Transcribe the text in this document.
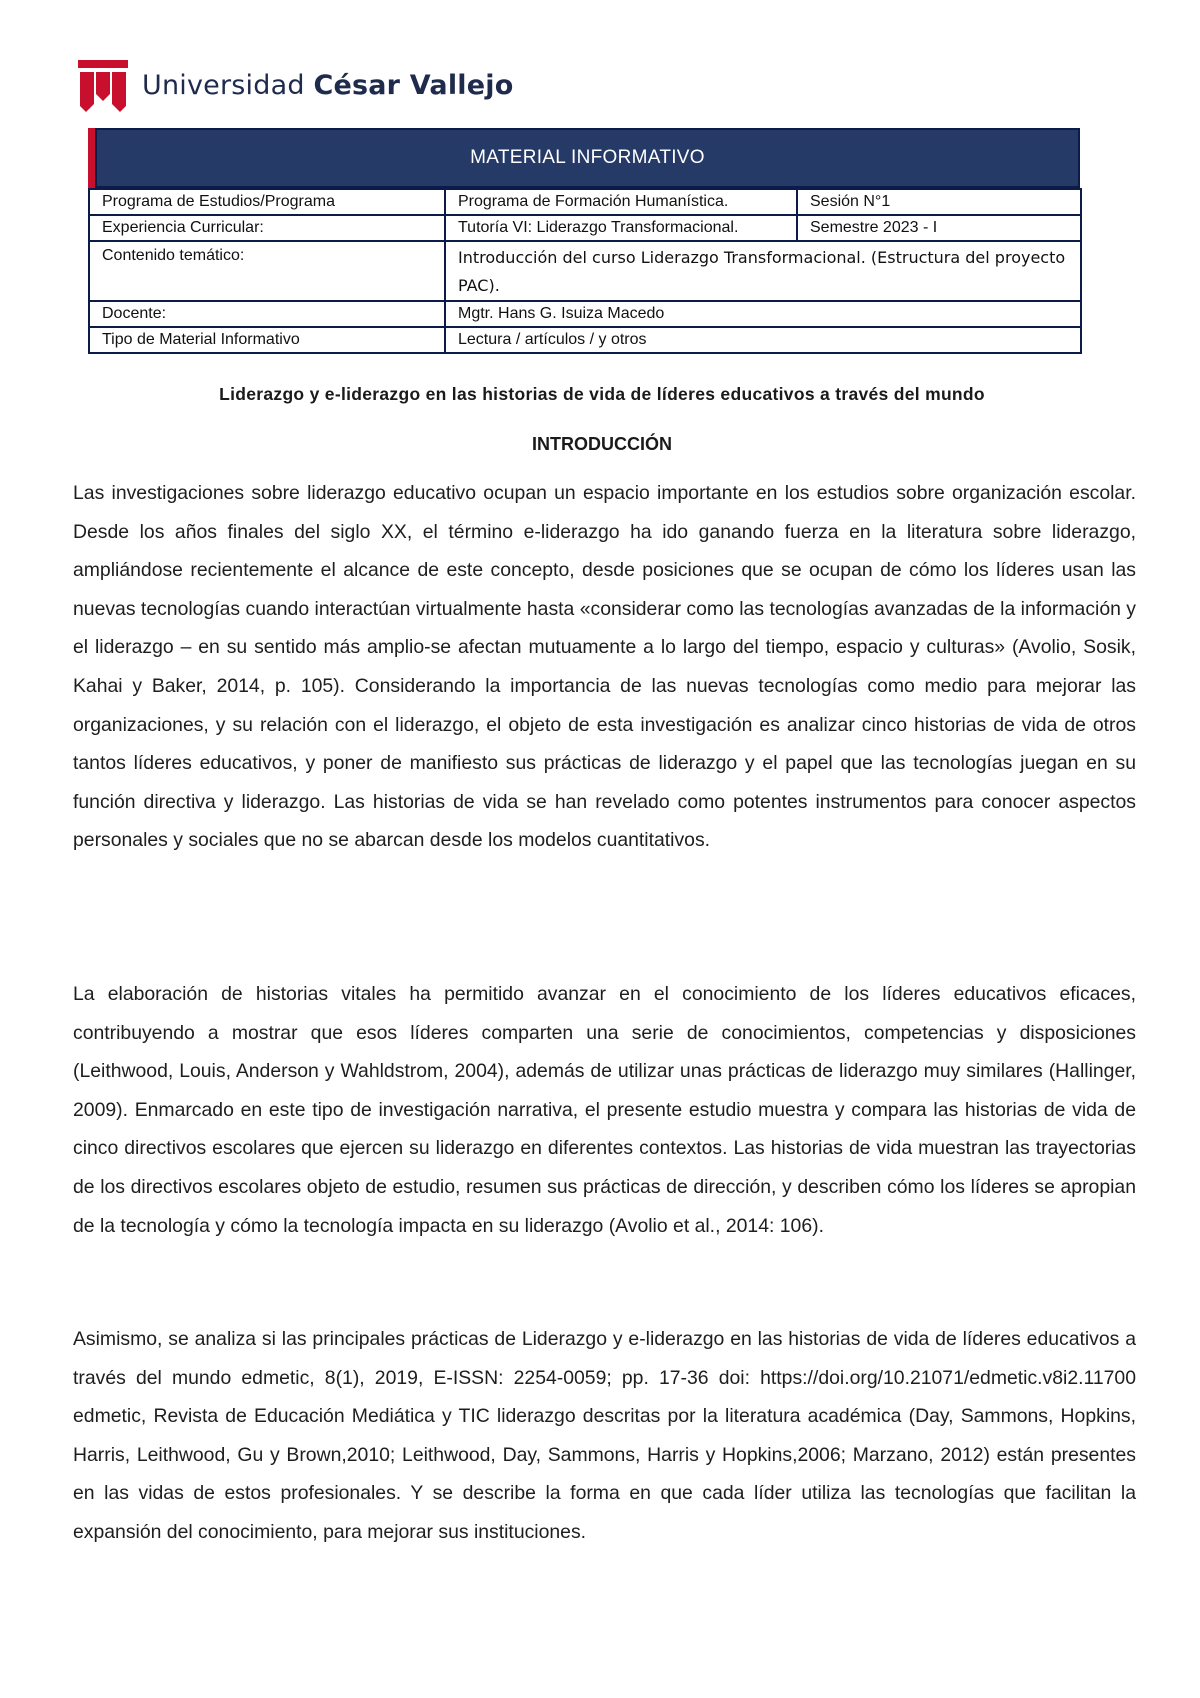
Universidad César Vallejo
MATERIAL INFORMATIVO
Programa de Estudios/Programa	Programa de Formación Humanística.	Sesión N°1
Experiencia Curricular:	Tutoría VI: Liderazgo Transformacional.	Semestre 2023 - I
Contenido temático:	Introducción del curso Liderazgo Transformacional. (Estructura del proyecto PAC).	
Docente:	Mgtr. Hans G. Isuiza Macedo	
Tipo de Material Informativo	Lectura / artículos / y otros	
Liderazgo y e-liderazgo en las historias de vida de líderes educativos a través del mundo
INTRODUCCIÓN

Las investigaciones sobre liderazgo educativo ocupan un espacio importante en los estudios sobre organización escolar. Desde los años finales del siglo XX, el término e-liderazgo ha ido ganando fuerza en la literatura sobre liderazgo, ampliándose recientemente el alcance de este concepto, desde posiciones que se ocupan de cómo los líderes usan las nuevas tecnologías cuando interactúan virtualmente hasta «considerar como las tecnologías avanzadas de la información y el liderazgo – en su sentido más amplio-se afectan mutuamente a lo largo del tiempo, espacio y culturas» (Avolio, Sosik, Kahai y Baker, 2014, p. 105). Considerando la importancia de las nuevas tecnologías como medio para mejorar las organizaciones, y su relación con el liderazgo, el objeto de esta investigación es analizar cinco historias de vida de otros tantos líderes educativos, y poner de manifiesto sus prácticas de liderazgo y el papel que las tecnologías juegan en su función directiva y liderazgo. Las historias de vida se han revelado como potentes instrumentos para conocer aspectos personales y sociales que no se abarcan desde los modelos cuantitativos.

La elaboración de historias vitales ha permitido avanzar en el conocimiento de los líderes educativos eficaces, contribuyendo a mostrar que esos líderes comparten una serie de conocimientos, competencias y disposiciones (Leithwood, Louis, Anderson y Wahldstrom, 2004), además de utilizar unas prácticas de liderazgo muy similares (Hallinger, 2009). Enmarcado en este tipo de investigación narrativa, el presente estudio muestra y compara las historias de vida de cinco directivos escolares que ejercen su liderazgo en diferentes contextos. Las historias de vida muestran las trayectorias de los directivos escolares objeto de estudio, resumen sus prácticas de dirección, y describen cómo los líderes se apropian de la tecnología y cómo la tecnología impacta en su liderazgo (Avolio et al., 2014: 106).

Asimismo, se analiza si las principales prácticas de Liderazgo y e-liderazgo en las historias de vida de líderes educativos a través del mundo edmetic, 8(1), 2019, E-ISSN: 2254-0059; pp. 17-36 doi: https://doi.org/10.21071/edmetic.v8i2.11700 edmetic, Revista de Educación Mediática y TIC liderazgo descritas por la literatura académica (Day, Sammons, Hopkins, Harris, Leithwood, Gu y Brown,2010; Leithwood, Day, Sammons, Harris y Hopkins,2006; Marzano, 2012) están presentes en las vidas de estos profesionales. Y se describe la forma en que cada líder utiliza las tecnologías que facilitan la expansión del conocimiento, para mejorar sus instituciones.
